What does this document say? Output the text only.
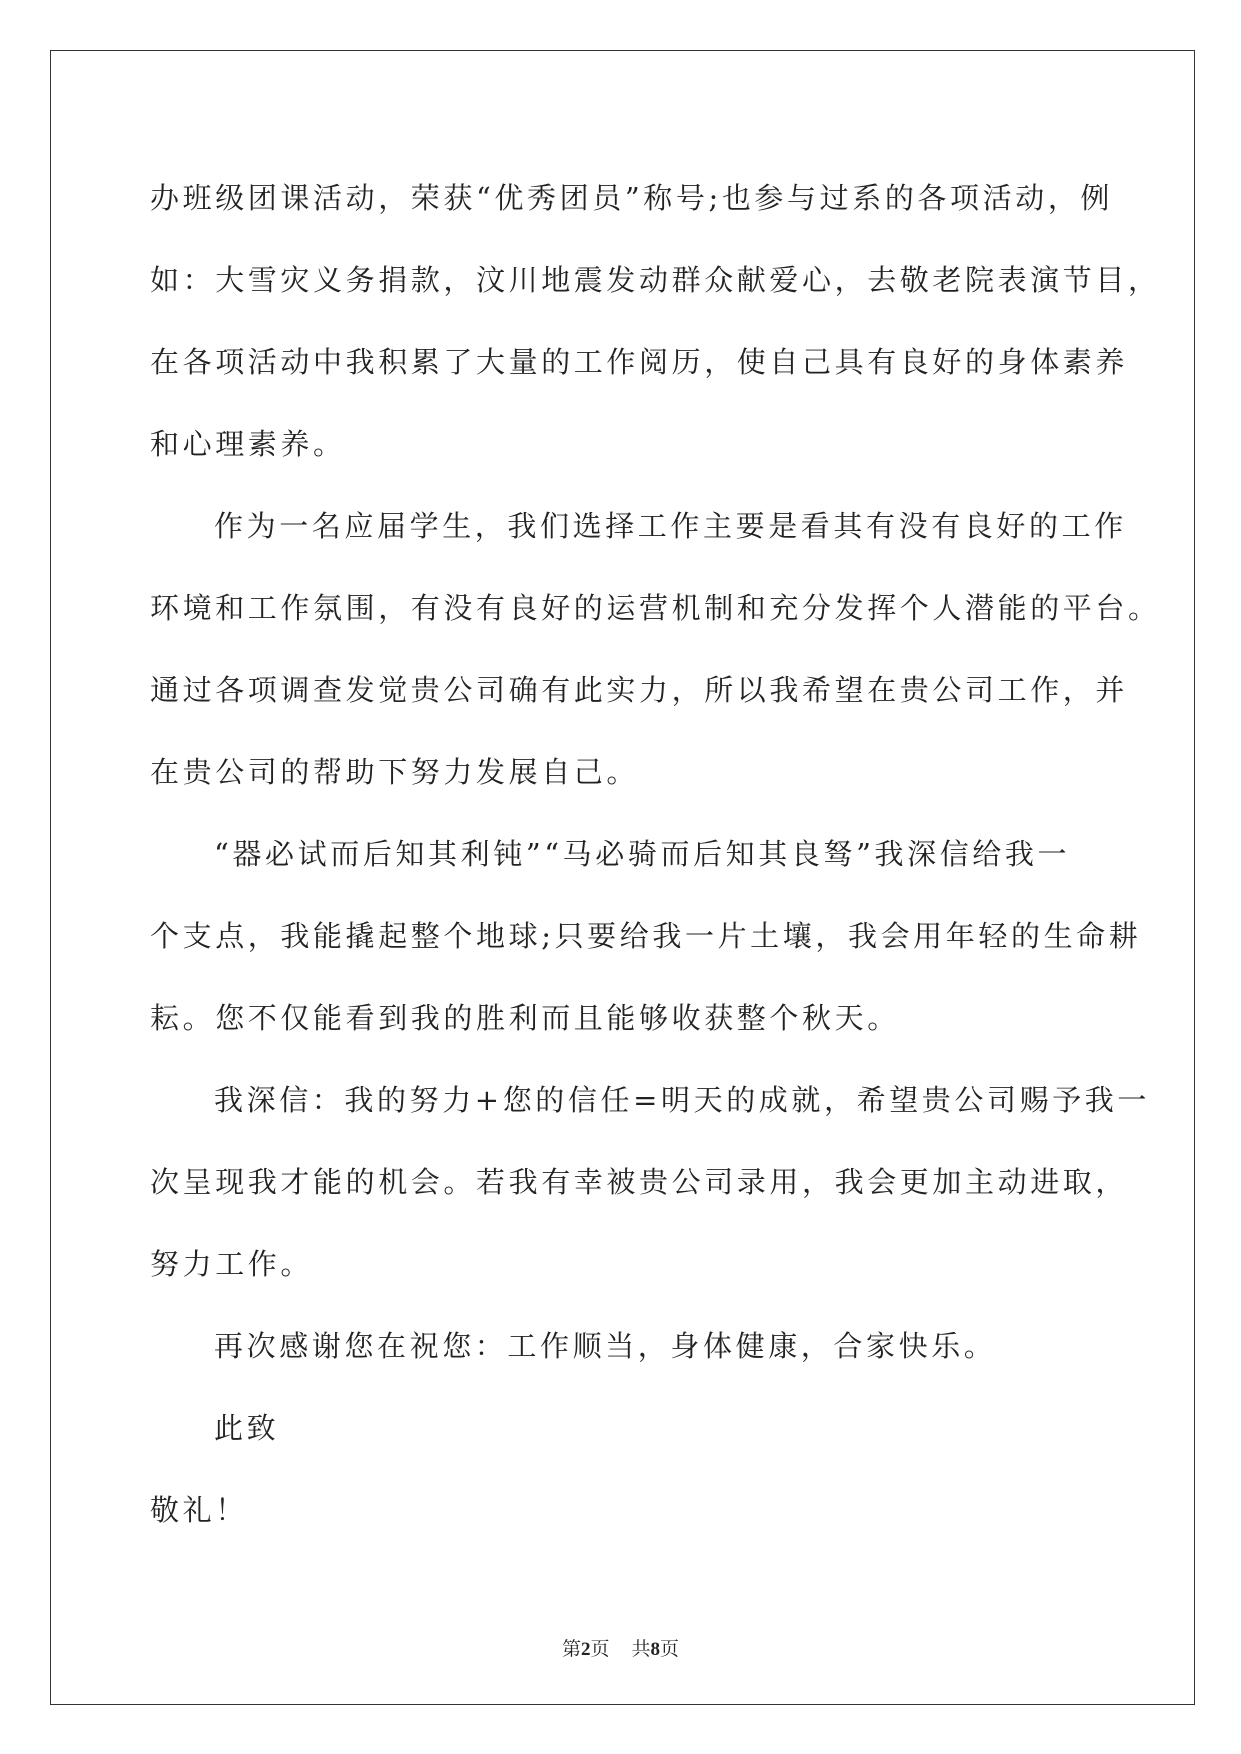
办班级团课活动，荣获“优秀团员”称号;也参与过系的各项活动，例

如：大雪灾义务捐款，汶川地震发动群众献爱心，去敬老院表演节目，

在各项活动中我积累了大量的工作阅历，使自己具有良好的身体素养

和心理素养。

作为一名应届学生，我们选择工作主要是看其有没有良好的工作

环境和工作氛围，有没有良好的运营机制和充分发挥个人潜能的平台。

通过各项调查发觉贵公司确有此实力，所以我希望在贵公司工作，并

在贵公司的帮助下努力发展自己。

“器必试而后知其利钝”“马必骑而后知其良驽”我深信给我一

个支点，我能撬起整个地球;只要给我一片土壤，我会用年轻的生命耕

耘。您不仅能看到我的胜利而且能够收获整个秋天。

我深信：我的努力+您的信任=明天的成就，希望贵公司赐予我一

次呈现我才能的机会。若我有幸被贵公司录用，我会更加主动进取，

努力工作。

再次感谢您在祝您：工作顺当，身体健康，合家快乐。

此致

敬礼！

第2页 共8页
